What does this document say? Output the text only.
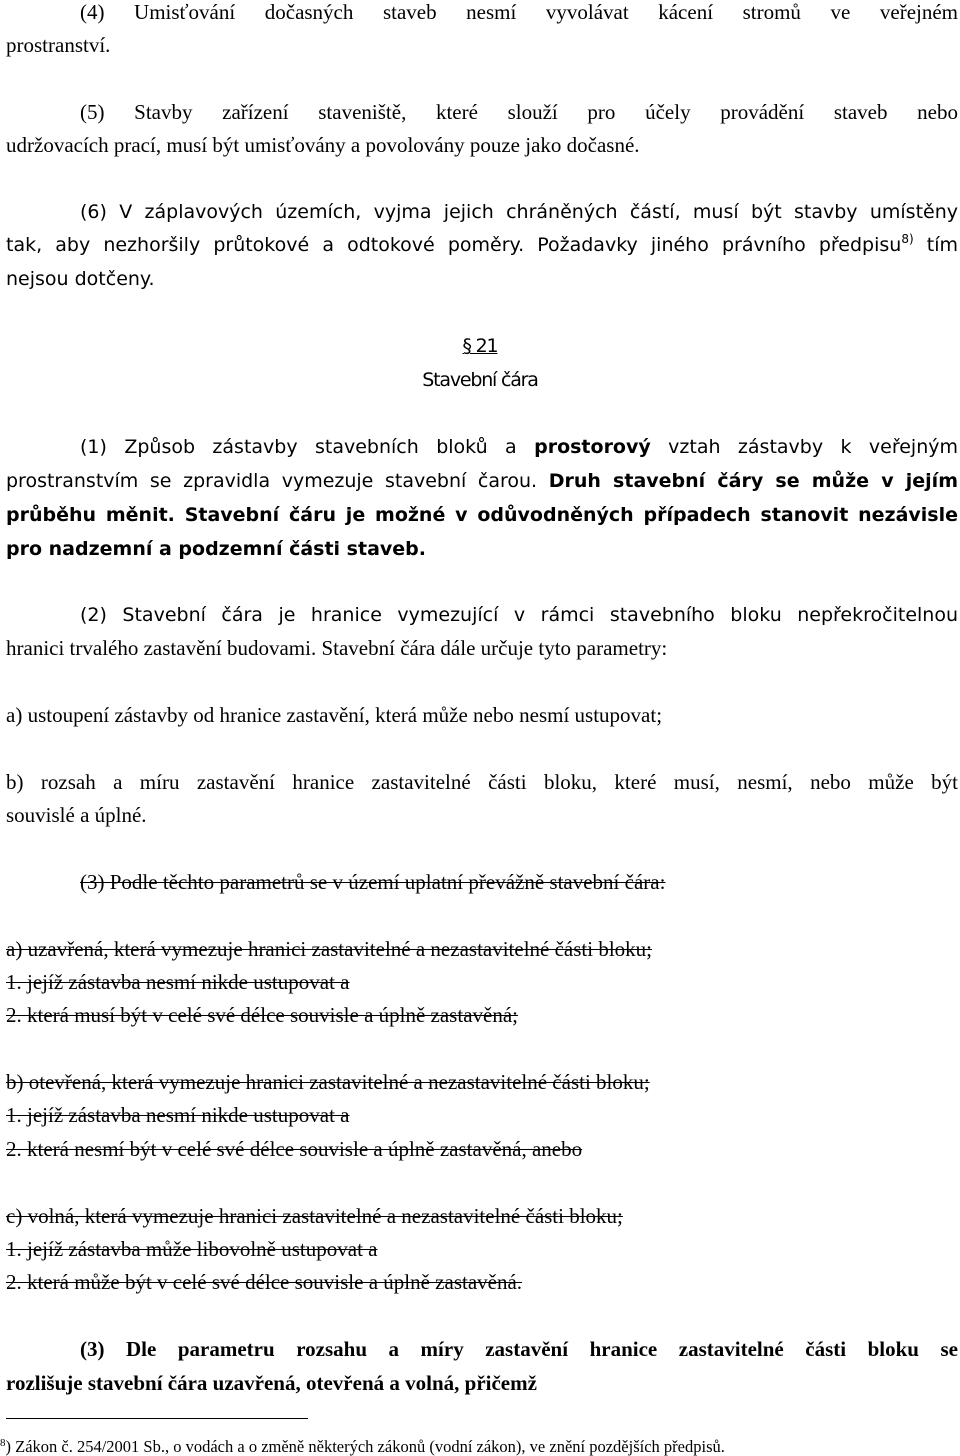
(4) Umisťování dočasných staveb nesmí vyvolávat kácení stromů ve veřejném
prostranství.
(5) Stavby zařízení staveniště, které slouží pro účely provádění staveb nebo
udržovacích prací, musí být umisťovány a povolovány pouze jako dočasné.
(6) V záplavových územích, vyjma jejich chráněných částí, musí být stavby umístěny
tak, aby nezhoršily průtokové a odtokové poměry. Požadavky jiného právního předpisu$^{8)}$ tím
nejsou dotčeny.
§ 21
Stavební čára
(1) Způsob zástavby stavebních bloků a prostorový vztah zástavby k veřejným
prostranstvím se zpravidla vymezuje stavební čarou. Druh stavební čáry se může v jejím
průběhu měnit. Stavební čáru je možné v odůvodněných případech stanovit nezávisle
pro nadzemní a podzemní části staveb.
(2) Stavební čára je hranice vymezující v rámci stavebního bloku nepřekročitelnou
hranici trvalého zastavění budovami. Stavební čára dále určuje tyto parametry:
a) ustoupení zástavby od hranice zastavění, která může nebo nesmí ustupovat;
b) rozsah a míru zastavění hranice zastavitelné části bloku, které musí, nesmí, nebo může být
souvislé a úplné.
(3) Podle těchto parametrů se v území uplatní převážně stavební čára:
a) uzavřená, která vymezuje hranici zastavitelné a nezastavitelné části bloku;
1. jejíž zástavba nesmí nikde ustupovat a
2. která musí být v celé své délce souvisle a úplně zastavěná;
b) otevřená, která vymezuje hranici zastavitelné a nezastavitelné části bloku;
1. jejíž zástavba nesmí nikde ustupovat a
2. která nesmí být v celé své délce souvisle a úplně zastavěná, anebo
c) volná, která vymezuje hranici zastavitelné a nezastavitelné části bloku;
1. jejíž zástavba může libovolně ustupovat a
2. která může být v celé své délce souvisle a úplně zastavěná.
(3) Dle parametru rozsahu a míry zastavění hranice zastavitelné části bloku se
rozlišuje stavební čára uzavřená, otevřená a volná, přičemž
$^8$) Zákon č. 254/2001 Sb., o vodách a o změně některých zákonů (vodní zákon), ve znění pozdějších předpisů.
